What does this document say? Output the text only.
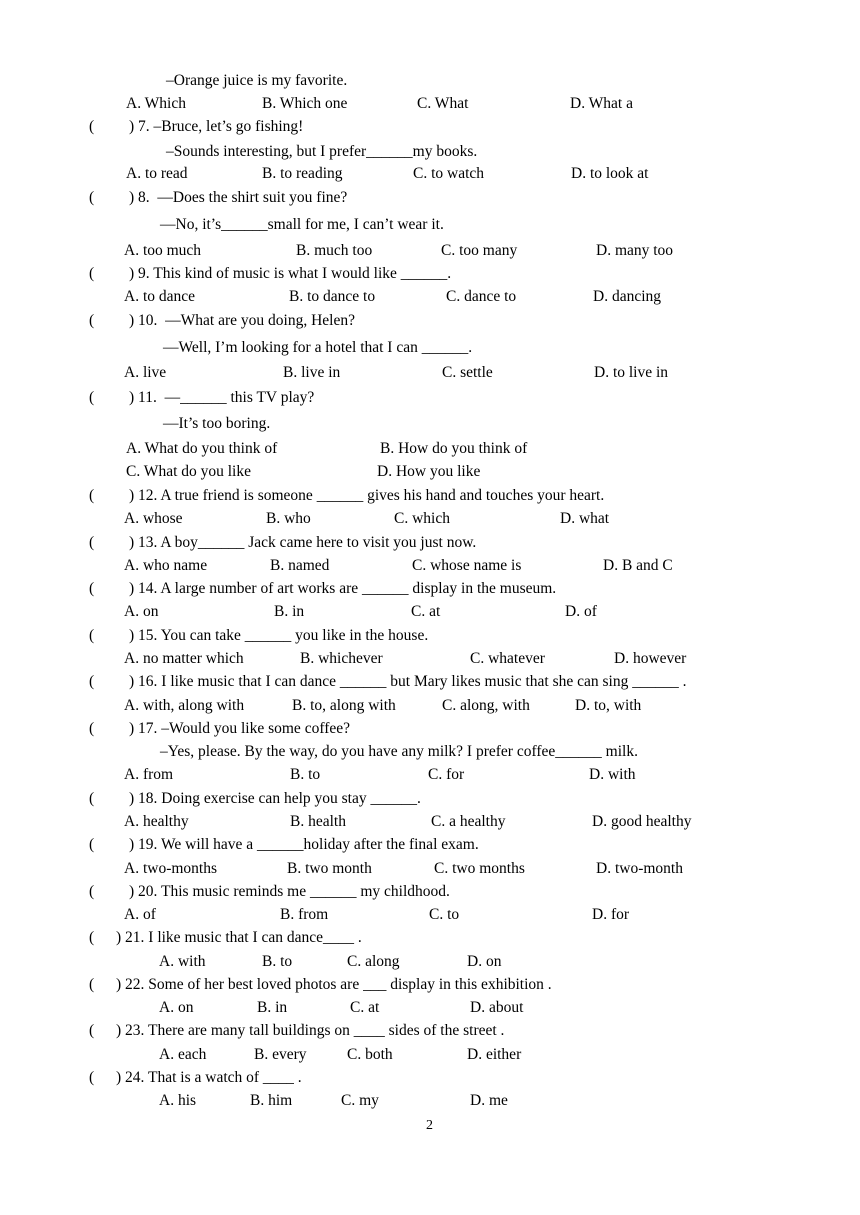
–Orange juice is my favorite.
A. Which	B. Which one	C. What	D. What a
( ) 7. –Bruce, let’s go fishing!
–Sounds interesting, but I prefer______my books.
A. to read	B. to reading	C. to watch	D. to look at
( ) 8.  —Does the shirt suit you fine?
—No, it’s______small for me, I can’t wear it.
A. too much	B. much too	C. too many	D. many too
( ) 9. This kind of music is what I would like ______.
A. to dance	B. to dance to	C. dance to	D. dancing
( ) 10.  —What are you doing, Helen?
—Well, I’m looking for a hotel that I can ______.
A. live	B. live in	C. settle	D. to live in
( ) 11.  —______ this TV play?
—It’s too boring.
A. What do you think of	B. How do you think of
C. What do you like	D. How you like
( ) 12. A true friend is someone ______ gives his hand and touches your heart.
A. whose	B. who	C. which	D. what
( ) 13. A boy______ Jack came here to visit you just now.
A. who name	B. named	C. whose name is	D. B and C
( ) 14. A large number of art works are ______ display in the museum.
A. on	B. in	C. at	D. of
( ) 15. You can take ______ you like in the house.
A. no matter which	B. whichever	C. whatever	D. however
( ) 16. I like music that I can dance ______ but Mary likes music that she can sing ______ .
A. with, along with	B. to, along with	C. along, with	D. to, with
( ) 17. –Would you like some coffee?
–Yes, please. By the way, do you have any milk? I prefer coffee______ milk.
A. from	B. to	C. for	D. with
( ) 18. Doing exercise can help you stay ______.
A. healthy	B. health	C. a healthy	D. good healthy
( ) 19. We will have a ______holiday after the final exam.
A. two-months	B. two month	C. two months	D. two-month
( ) 20. This music reminds me ______ my childhood.
A. of	B. from	C. to	D. for
( ) 21. I like music that I can dance____ .
A. with	B. to	C. along	D. on
( ) 22. Some of her best loved photos are ___ display in this exhibition .
A. on	B. in	C. at	D. about
( ) 23. There are many tall buildings on ____ sides of the street .
A. each	B. every	C. both	D. either
( ) 24. That is a watch of ____ .
A. his	B. him	C. my	D. me
2
